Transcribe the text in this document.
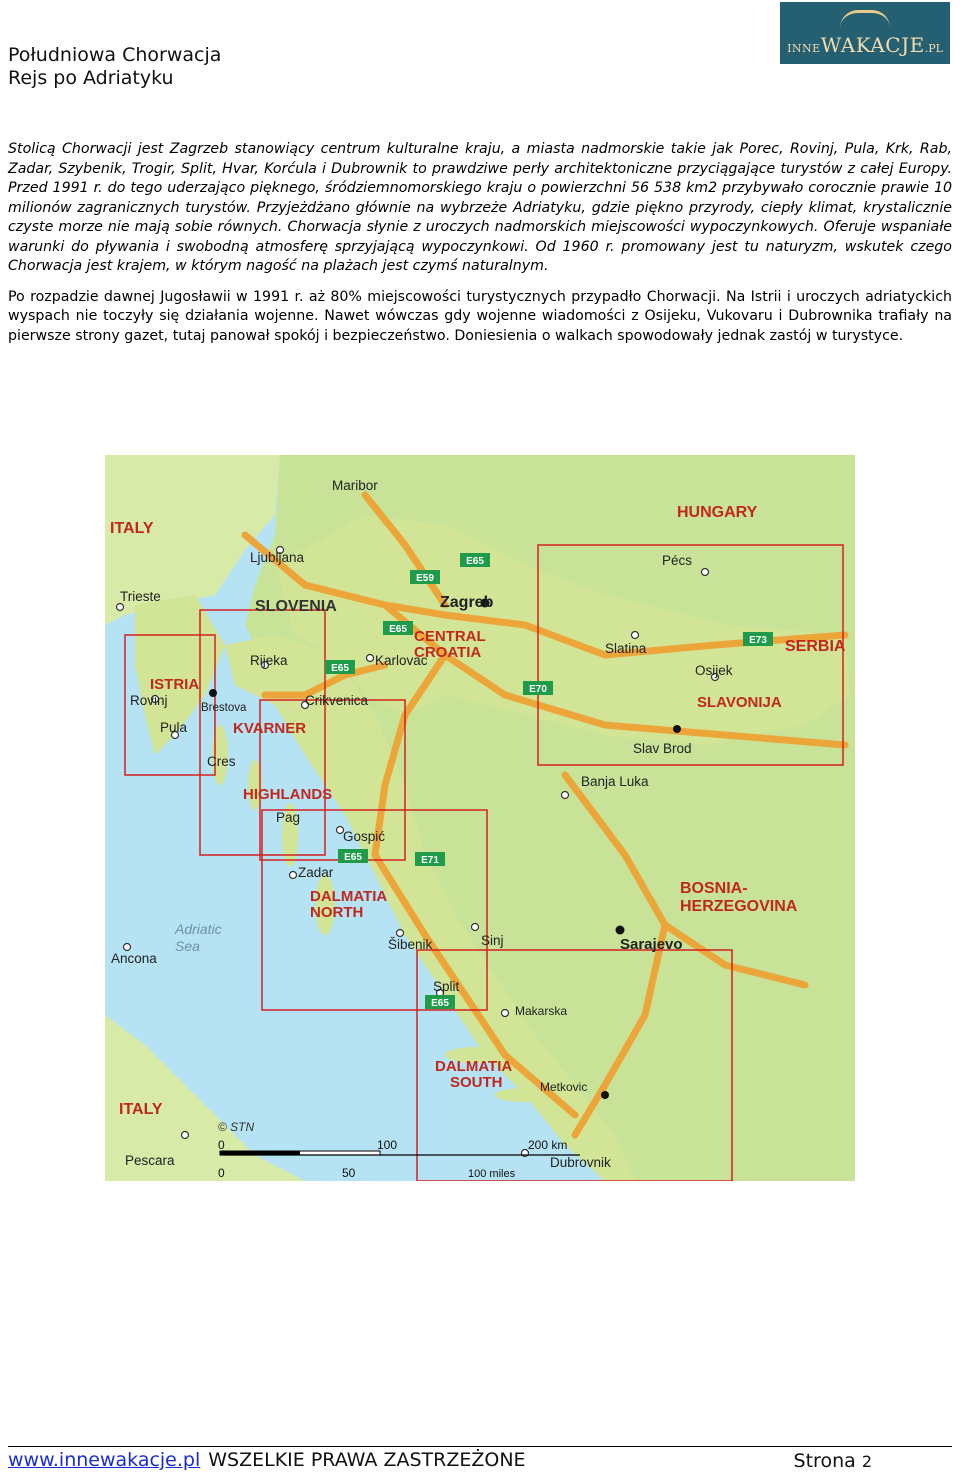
Południowa Chorwacja
Rejs po Adriatyku
INNEWAKACJE.PL

Stolicą Chorwacji jest Zagrzeb stanowiący centrum kulturalne kraju, a miasta nadmorskie takie jak Porec, Rovinj, Pula, Krk, Rab, Zadar, Szybenik, Trogir, Split, Hvar, Korćula i Dubrownik to prawdziwe perły architektoniczne przyciągające turystów z całej Europy. Przed 1991 r. do tego uderzająco pięknego, śródziemnomorskiego kraju o powierzchni 56 538 km2 przybywało corocznie prawie 10 milionów zagranicznych turystów. Przyjeżdżano głównie na wybrzeże Adriatyku, gdzie piękno przyrody, ciepły klimat, krystalicznie czyste morze nie mają sobie równych. Chorwacja słynie z uroczych nadmorskich miejscowości wypoczynkowych. Oferuje wspaniałe warunki do pływania i swobodną atmosferę sprzyjającą wypoczynkowi. Od 1960 r. promowany jest tu naturyzm, wskutek czego Chorwacja jest krajem, w którym nagość na plażach jest czymś naturalnym.

Po rozpadzie dawnej Jugosławii w 1991 r. aż 80% miejscowości turystycznych przypadło Chorwacji. Na Istrii i uroczych adriatyckich wyspach nie toczyły się działania wojenne. Nawet wówczas gdy wojenne wiadomości z Osijeku, Vukovaru i Dubrownika trafiały na pierwsze strony gazet, tutaj panował spokój i bezpieczeństwo. Doniesienia o walkach spowodowały jednak zastój w turystyce.

ITALY
HUNGARY
SLOVENIA
SERBIA
BOSNIA-
HERZEGOVINA
ITALY
CENTRAL
CROATIA
ISTRIA
KVARNER
SLAVONIJA
HIGHLANDS
DALMATIA
NORTH
DALMATIA
SOUTH
Adriatic
Sea
Maribor
Ljubljana
Zagreb
Pécs
Trieste
Rijeka	Karlovac
Slatina
Osijek
Rovinj	Brestova	Crikvenica
Pula
Cres
Slav Brod
Banja Luka
Pag
Gospić
Zadar
Šibenik	Sinj	Sarajevo
Ancona
Split
Makarska
Metkovic
Pescara	Dubrovnik
E65
E59
E65
E65
E73
E70
E65	E71
E65
© STN
0	100	200 km
0	50	100 miles
www.innewakacje.pl WSZELKIE PRAWA ZASTRZEŻONE	Strona 2
